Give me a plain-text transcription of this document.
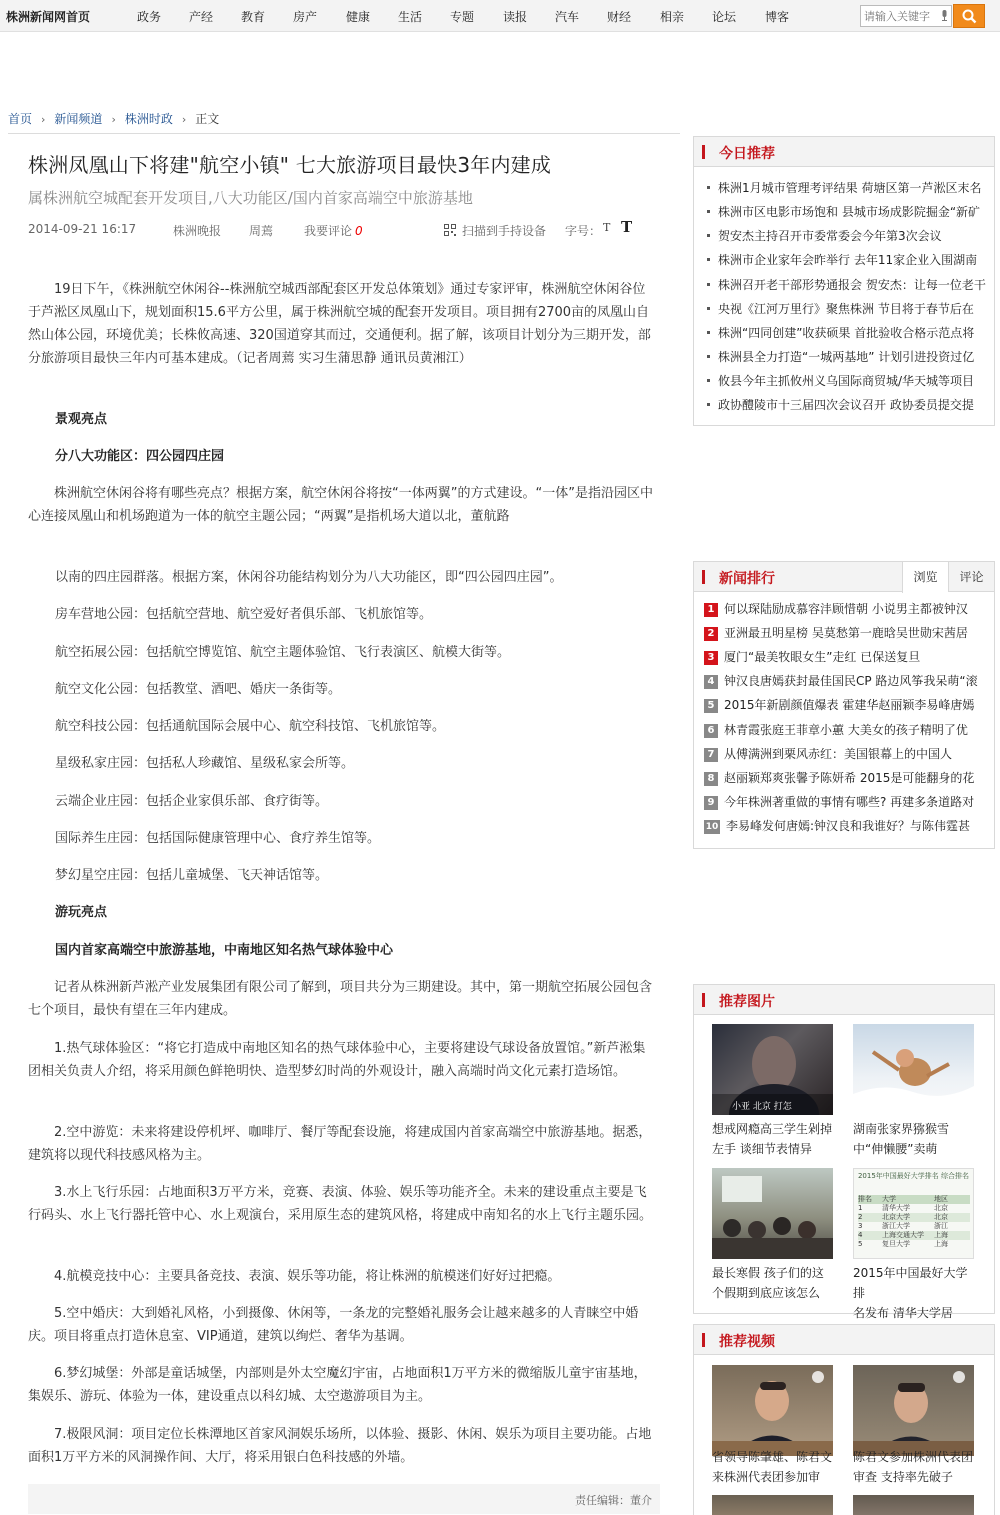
株洲新闻网首页	政务 产经 教育 房产 健康 生活 专题 读报 汽车 财经 相亲 论坛 博客
请输入关键字
首页 › 新闻频道 › 株洲时政 › 正文
株洲凤凰山下将建"航空小镇" 七大旅游项目最快3年内建成
属株洲航空城配套开发项目,八大功能区/国内首家高端空中旅游基地
2014-09-21 16:17	株洲晚报 周蔫	我要评论 0	扫描到手持设备 字号： T T

19日下午，《株洲航空休闲谷--株洲航空城西部配套区开发总体策划》通过专家评审，株洲航空休闲谷位于芦淞区凤凰山下，规划面积15.6平方公里，属于株洲航空城的配套开发项目。项目拥有2700亩的凤凰山自然山体公园，环境优美；长株攸高速、320国道穿其而过，交通便利。据了解，该项目计划分为三期开发，部分旅游项目最快三年内可基本建成。（记者周蔫 实习生蒲思静 通讯员黄湘江）

景观亮点

分八大功能区：四公园四庄园

株洲航空休闲谷将有哪些亮点？根据方案，航空休闲谷将按“一体两翼”的方式建设。“一体”是指沿园区中心连接凤凰山和机场跑道为一体的航空主题公园；“两翼”是指机场大道以北，董航路

以南的四庄园群落。根据方案，休闲谷功能结构划分为八大功能区，即“四公园四庄园”。

房车营地公园：包括航空营地、航空爱好者俱乐部、飞机旅馆等。

航空拓展公园：包括航空博览馆、航空主题体验馆、飞行表演区、航模大街等。

航空文化公园：包括教堂、酒吧、婚庆一条街等。

航空科技公园：包括通航国际会展中心、航空科技馆、飞机旅馆等。

星级私家庄园：包括私人珍藏馆、星级私家会所等。

云端企业庄园：包括企业家俱乐部、食疗街等。

国际养生庄园：包括国际健康管理中心、食疗养生馆等。

梦幻星空庄园：包括儿童城堡、飞天神话馆等。

游玩亮点

国内首家高端空中旅游基地，中南地区知名热气球体验中心

记者从株洲新芦淞产业发展集团有限公司了解到，项目共分为三期建设。其中，第一期航空拓展公园包含七个项目，最快有望在三年内建成。

1.热气球体验区：“将它打造成中南地区知名的热气球体验中心，主要将建设气球设备放置馆。”新芦淞集团相关负责人介绍，将采用颜色鲜艳明快、造型梦幻时尚的外观设计，融入高端时尚文化元素打造场馆。

2.空中游览：未来将建设停机坪、咖啡厅、餐厅等配套设施，将建成国内首家高端空中旅游基地。据悉，建筑将以现代科技感风格为主。

3.水上飞行乐园：占地面积3万平方米，竞赛、表演、体验、娱乐等功能齐全。未来的建设重点主要是飞行码头、水上飞行器托管中心、水上观演台，采用原生态的建筑风格，将建成中南知名的水上飞行主题乐园。

4.航模竞技中心：主要具备竞技、表演、娱乐等功能，将让株洲的航模迷们好好过把瘾。

5.空中婚庆：大到婚礼风格，小到摄像、休闲等，一条龙的完整婚礼服务会让越来越多的人青睐空中婚庆。项目将重点打造休息室、VIP通道，建筑以绚烂、奢华为基调。

6.梦幻城堡：外部是童话城堡，内部则是外太空魔幻宇宙，占地面积1万平方米的微缩版儿童宇宙基地，集娱乐、游玩、体验为一体，建设重点以科幻城、太空遨游项目为主。

7.极限风洞：项目定位长株潭地区首家风洞娱乐场所，以体验、摄影、休闲、娱乐为项目主要功能。占地面积1万平方米的风洞操作间、大厅，将采用银白色科技感的外墙。

责任编辑：董介
今日推荐
株洲1月城市管理考评结果 荷塘区第一芦淞区末名
株洲市区电影市场饱和 县城市场成影院掘金“新矿
贺安杰主持召开市委常委会今年第3次会议
株洲市企业家年会昨举行 去年11家企业入围湖南
株洲召开老干部形势通报会 贺安杰：让每一位老干
央视《江河万里行》聚焦株洲 节目将于春节后在
株洲“四同创建”收获硕果 首批验收合格示范点将
株洲县全力打造“一城两基地” 计划引进投资过亿
攸县今年主抓攸州义乌国际商贸城/华天城等项目
政协醴陵市十三届四次会议召开 政协委员提交提
新闻排行	浏览	评论
1 何以琛陆励成慕容沣顾惜朝 小说男主都被钟汉
2 亚洲最丑明星榜 吴莫愁第一鹿晗吴世勋宋茜居
3 厦门“最美牧眼女生”走红 已保送复旦
4 钟汉良唐嫣获封最佳国民CP 路边风筝我呆萌“滚
5 2015年新剧颜值爆表 霍建华赵丽颖李易峰唐嫣
6 林青霞张庭王菲章小蕙 大美女的孩子精明了优
7 从傅满洲到栗风赤红：美国银幕上的中国人
8 赵丽颖郑爽张馨予陈妍希 2015是可能翻身的花
9 今年株洲著重做的事情有哪些? 再建多条道路对
10 李易峰发何唐嫣:钟汉良和我谁好？与陈伟霆甚
推荐图片
小亚 北京 打怎
想戒网瘾高三学生剁掉
左手 谈细节表情异
湖南张家界猕猴雪
中“伸懒腰”卖萌
最长寒假 孩子们的这
个假期到底应该怎么
2015年中国最好大学排名 综合排名
排名	大学	地区
1	清华大学	北京
2	北京大学	北京
3	浙江大学	浙江
4	上海交通大学	上海
5	复旦大学	上海
2015年中国最好大学排
名发布 清华大学居
推荐视频
省领导陈肇雄、陈君文
来株洲代表团参加审
陈君文参加株洲代表团
审查 支持率先破子
